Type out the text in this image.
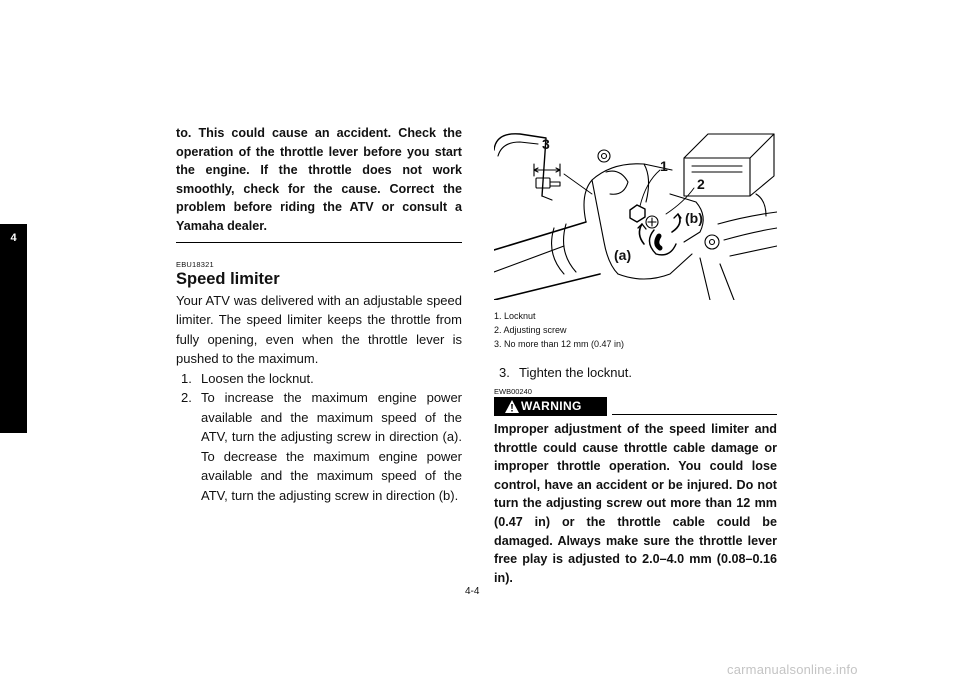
4

to. This could cause an accident. Check the operation of the throttle lever before you start the engine. If the throttle does not work smoothly, check for the cause. Correct the problem before riding the ATV or consult a Yamaha dealer.

EBU18321
Speed limiter

Your ATV was delivered with an adjustable speed limiter. The speed limiter keeps the throttle from fully opening, even when the throttle lever is pushed to the maximum.

1. Loosen the locknut.
2. To increase the maximum engine power available and the maximum speed of the ATV, turn the adjusting screw in direction (a). To decrease the maximum engine power available and the maximum speed of the ATV, turn the adjusting screw in direction (b).
3
1
2
(b)
(a)
1. Locknut
2. Adjusting screw
3. No more than 12 mm (0.47 in)
3. Tighten the locknut.
EWB00240
WARNING
Improper adjustment of the speed limiter and throttle could cause throttle cable damage or improper throttle operation. You could lose control, have an accident or be injured. Do not turn the adjusting screw out more than 12 mm (0.47 in) or the throttle cable could be damaged. Always make sure the throttle lever free play is adjusted to 2.0–4.0 mm (0.08–0.16 in).
4-4
carmanualsonline.info
